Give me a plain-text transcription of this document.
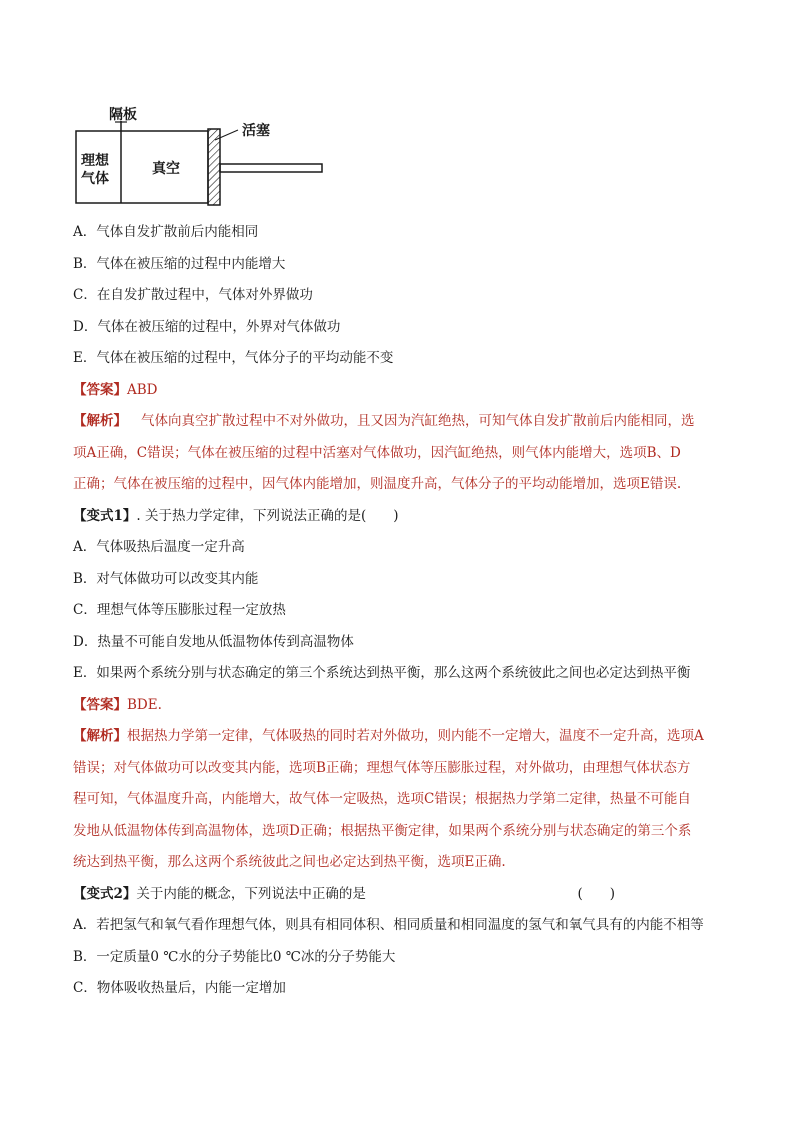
隔板
活塞
理想
气体
真空
A．气体自发扩散前后内能相同
B．气体在被压缩的过程中内能增大
C．在自发扩散过程中，气体对外界做功
D．气体在被压缩的过程中，外界对气体做功
E．气体在被压缩的过程中，气体分子的平均动能不变
【答案】ABD
【解析】 气体向真空扩散过程中不对外做功，且又因为汽缸绝热，可知气体自发扩散前后内能相同，选
项A正确，C错误；气体在被压缩的过程中活塞对气体做功，因汽缸绝热，则气体内能增大，选项B、D
正确；气体在被压缩的过程中，因气体内能增加，则温度升高，气体分子的平均动能增加，选项E错误.
【变式1】. 关于热力学定律，下列说法正确的是(　　)
A．气体吸热后温度一定升高
B．对气体做功可以改变其内能
C．理想气体等压膨胀过程一定放热
D．热量不可能自发地从低温物体传到高温物体
E．如果两个系统分别与状态确定的第三个系统达到热平衡，那么这两个系统彼此之间也必定达到热平衡
【答案】BDE.
【解析】根据热力学第一定律，气体吸热的同时若对外做功，则内能不一定增大，温度不一定升高，选项A
错误；对气体做功可以改变其内能，选项B正确；理想气体等压膨胀过程，对外做功，由理想气体状态方
程可知，气体温度升高，内能增大，故气体一定吸热，选项C错误；根据热力学第二定律，热量不可能自
发地从低温物体传到高温物体，选项D正确；根据热平衡定律，如果两个系统分别与状态确定的第三个系
统达到热平衡，那么这两个系统彼此之间也必定达到热平衡，选项E正确.
【变式2】关于内能的概念，下列说法中正确的是	(　　)
A．若把氢气和氧气看作理想气体，则具有相同体积、相同质量和相同温度的氢气和氧气具有的内能不相等
B．一定质量0 ℃水的分子势能比0 ℃冰的分子势能大
C．物体吸收热量后，内能一定增加
